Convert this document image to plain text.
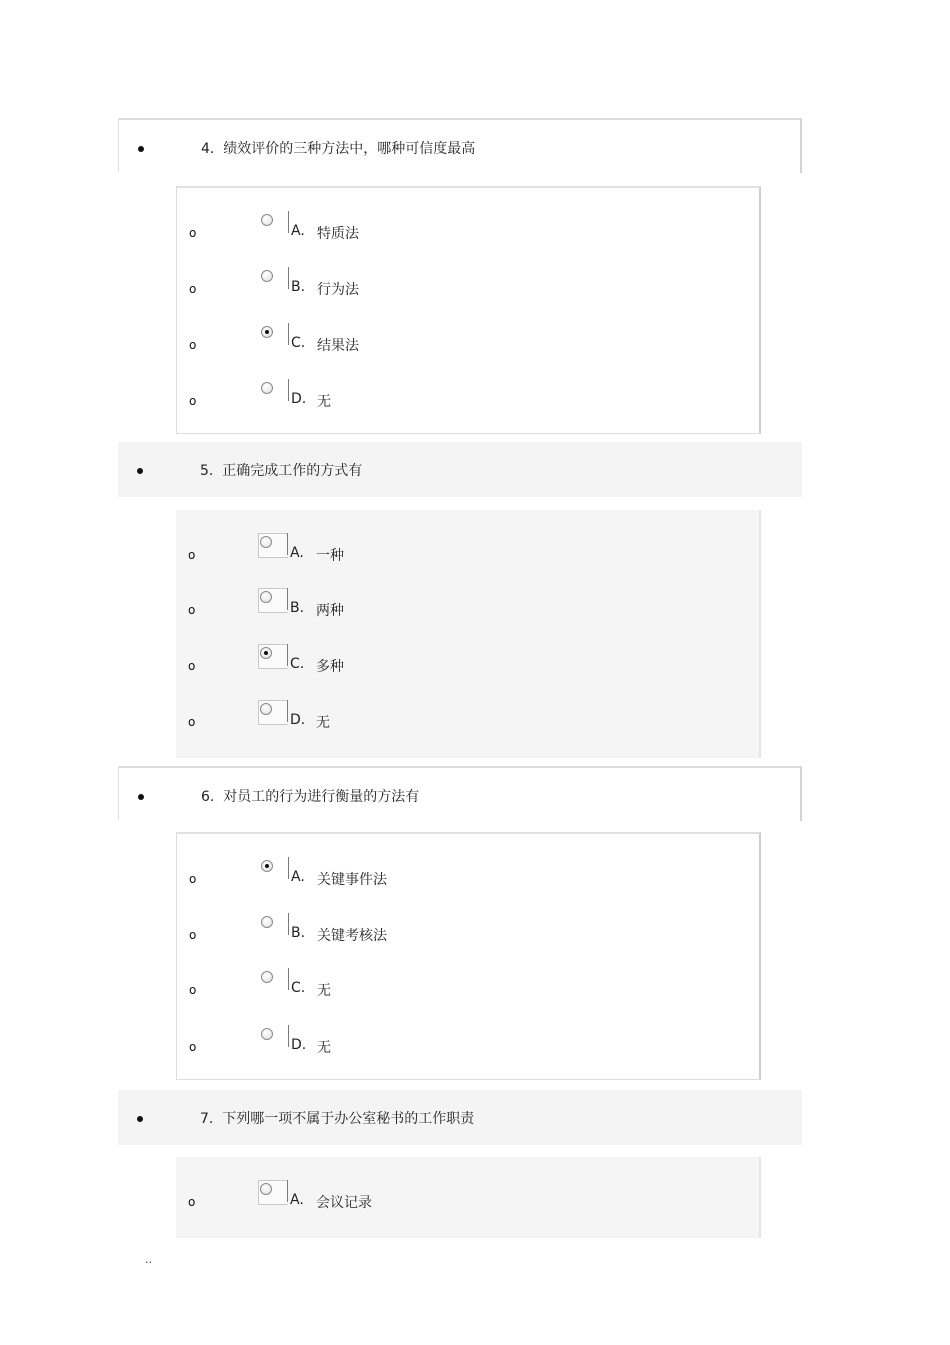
4. 绩效评价的三种方法中，哪种可信度最高
o	A. 特质法
o	B. 行为法
o	C. 结果法
o	D. 无
5. 正确完成工作的方式有
o	A. 一种
o	B. 两种
o	C. 多种
o	D. 无
6. 对员工的行为进行衡量的方法有
o	A. 关键事件法
o	B. 关键考核法
o	C. 无
o	D. 无
7. 下列哪一项不属于办公室秘书的工作职责
o	A. 会议记录
..
